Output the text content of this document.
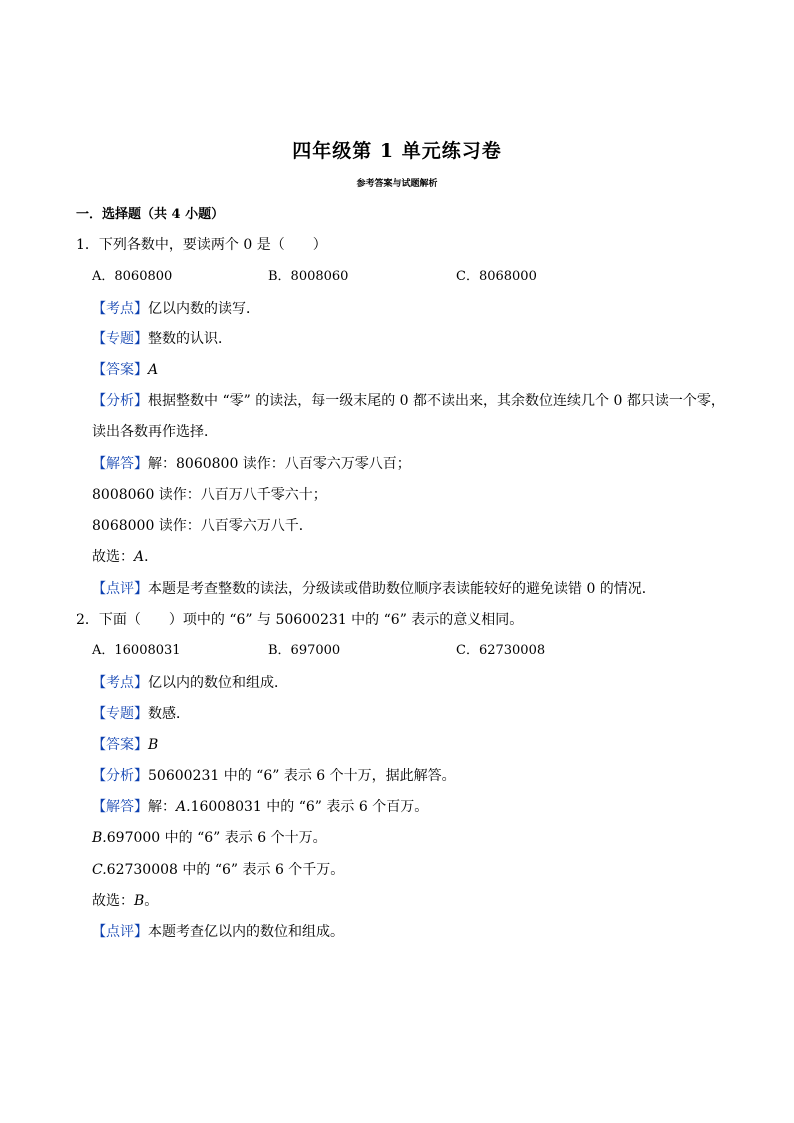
四年级第 1 单元练习卷
参考答案与试题解析
一．选择题（共 4 小题）
1．下列各数中，要读两个 0 是（　　）
A．8060800	B．8008060	C．8068000
【考点】亿以内数的读写．
【专题】整数的认识．
【答案】A
【分析】根据整数中 “零” 的读法，每一级末尾的 0 都不读出来，其余数位连续几个 0 都只读一个零，
读出各数再作选择．
【解答】解：8060800 读作：八百零六万零八百；
8008060 读作：八百万八千零六十；
8068000 读作：八百零六万八千．
故选：A．
【点评】本题是考查整数的读法，分级读或借助数位顺序表读能较好的避免读错 0 的情况．
2．下面（　　）项中的 “6” 与 50600231 中的 “6” 表示的意义相同。
A．16008031	B．697000	C．62730008
【考点】亿以内的数位和组成．
【专题】数感．
【答案】B
【分析】50600231 中的 “6” 表示 6 个十万，据此解答。
【解答】解：A.16008031 中的 “6” 表示 6 个百万。
B.697000 中的 “6” 表示 6 个十万。
C.62730008 中的 “6” 表示 6 个千万。
故选：B。
【点评】本题考查亿以内的数位和组成。
